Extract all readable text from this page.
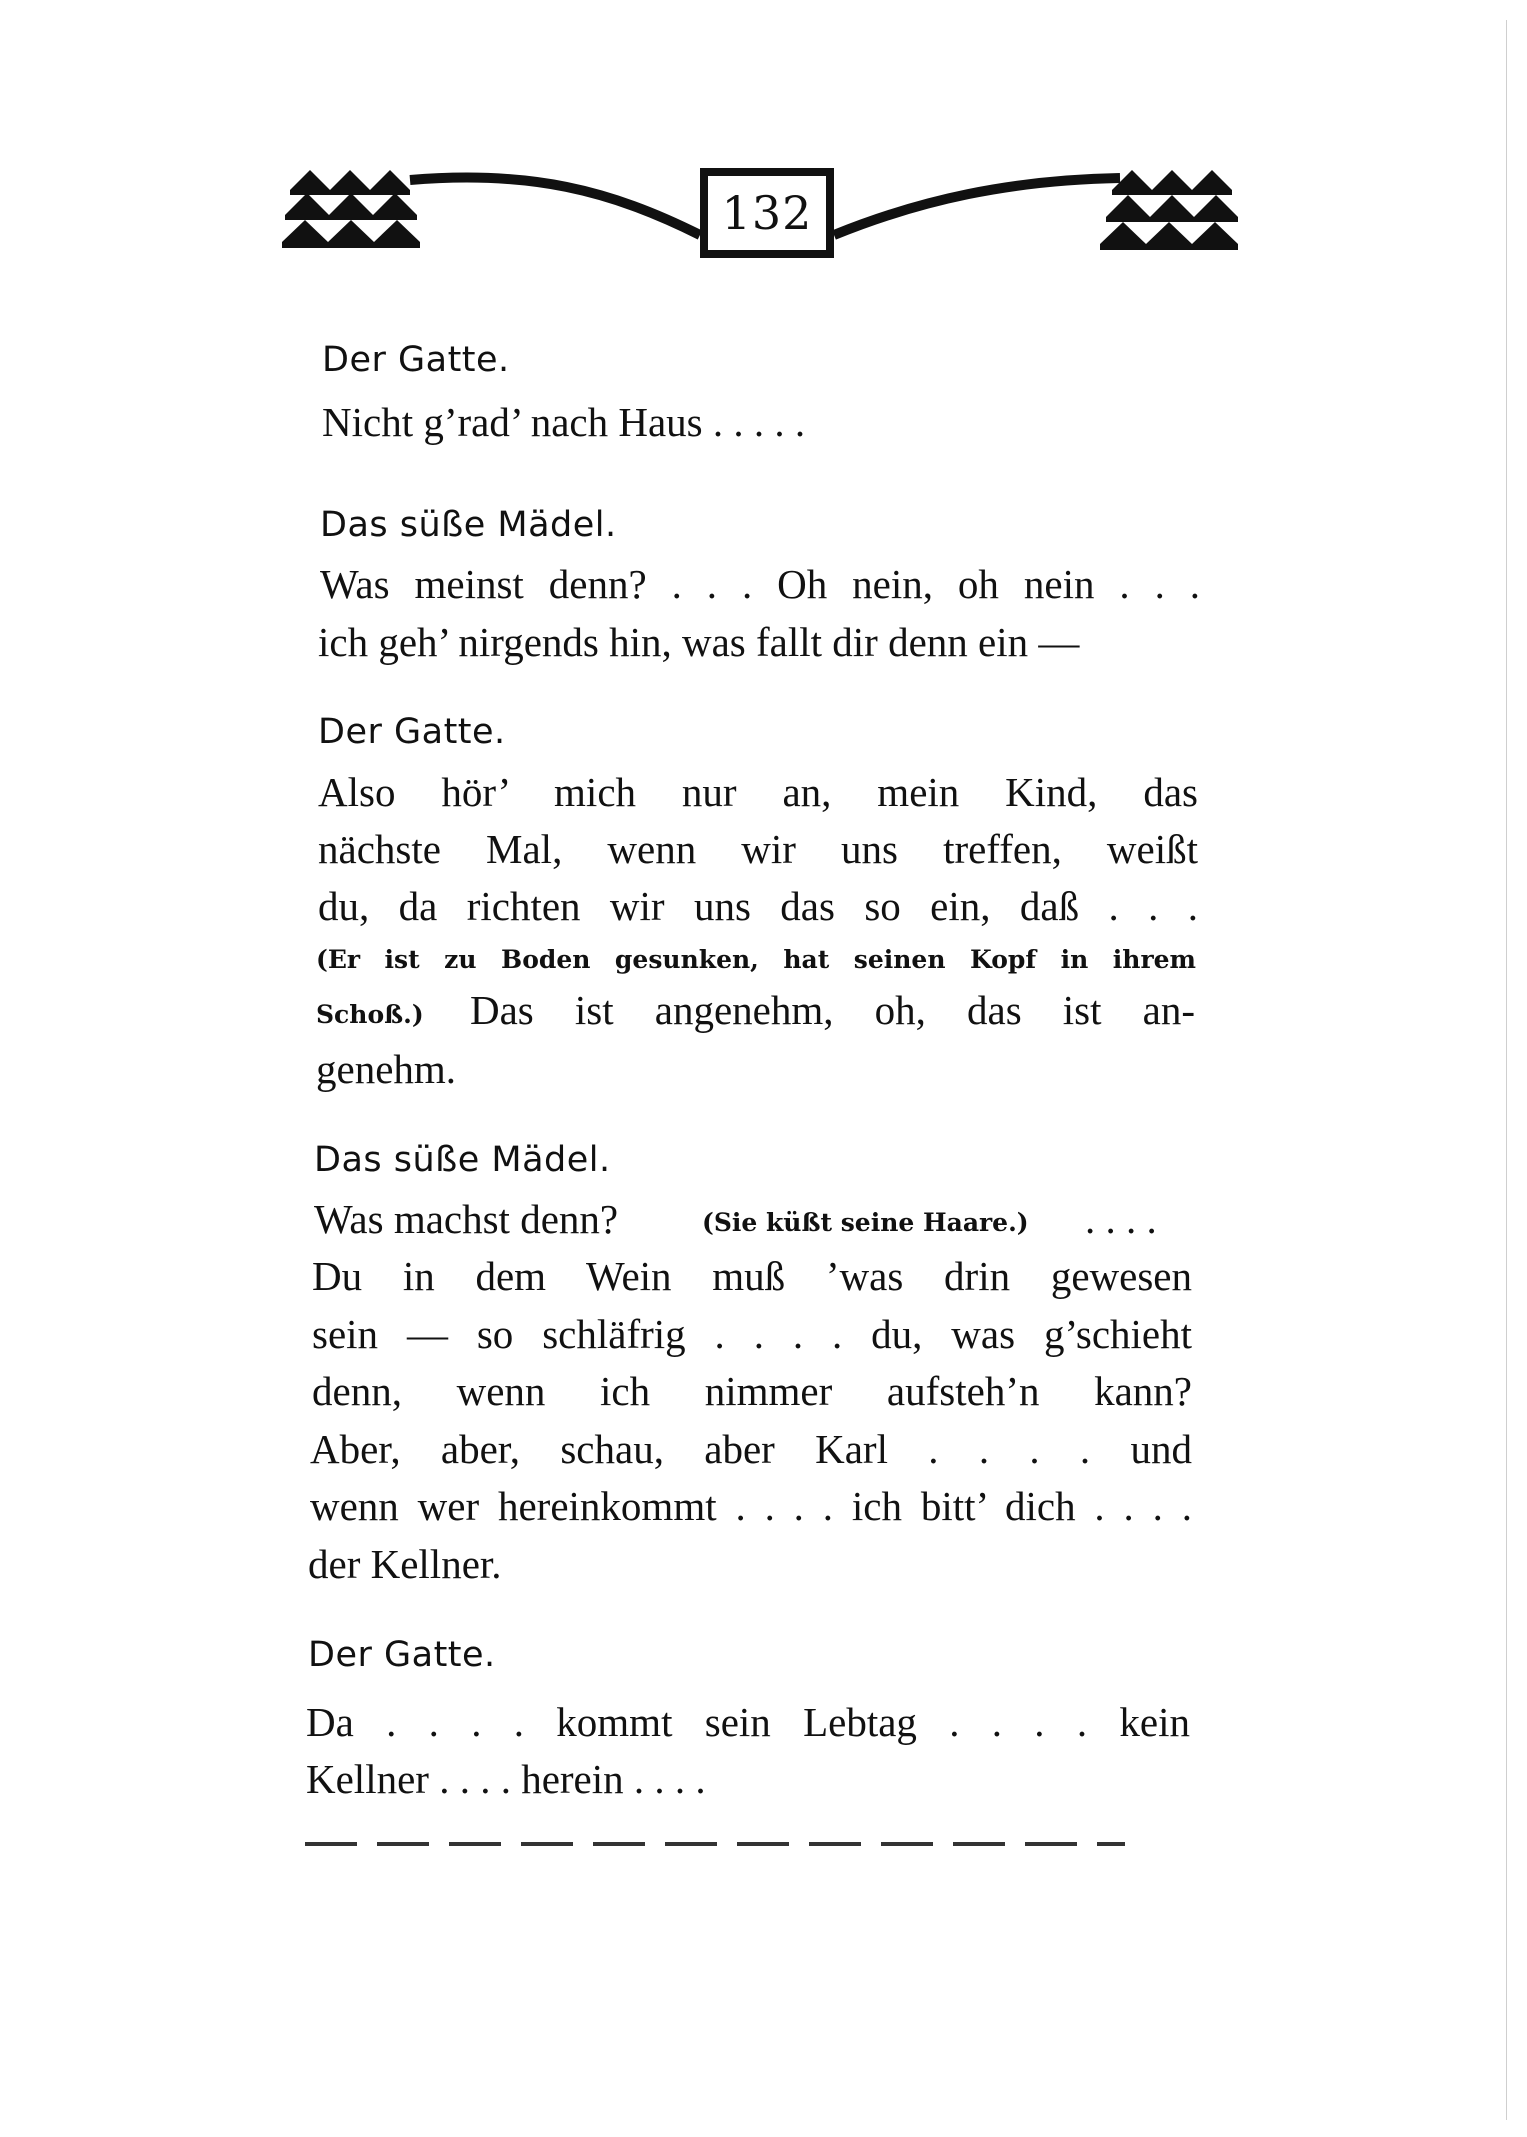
132
Der Gatte.
Nicht g’rad’ nach Haus . . . . .
Das süße Mädel.
Was meinst denn? . . . Oh nein, oh nein . . .
ich geh’ nirgends hin, was fallt dir denn ein —
Der Gatte.
Also hör’ mich nur an, mein Kind, das
nächste Mal, wenn wir uns treffen, weißt
du, da richten wir uns das so ein, daß . . .
(Er ist zu Boden gesunken, hat seinen Kopf in ihrem
Schoß.) Das ist angenehm, oh, das ist an-
genehm.
Das süße Mädel.
Was machst denn?	(Sie küßt seine Haare.) . . . .
Du in dem Wein muß ’was drin gewesen
sein — so schläfrig . . . . du, was g’schieht
denn, wenn ich nimmer aufsteh’n kann?
Aber, aber, schau, aber Karl . . . . und
wenn wer hereinkommt . . . . ich bitt’ dich . . . .
der Kellner.
Der Gatte.
Da . . . . kommt sein Lebtag . . . . kein
Kellner . . . . herein . . . .
